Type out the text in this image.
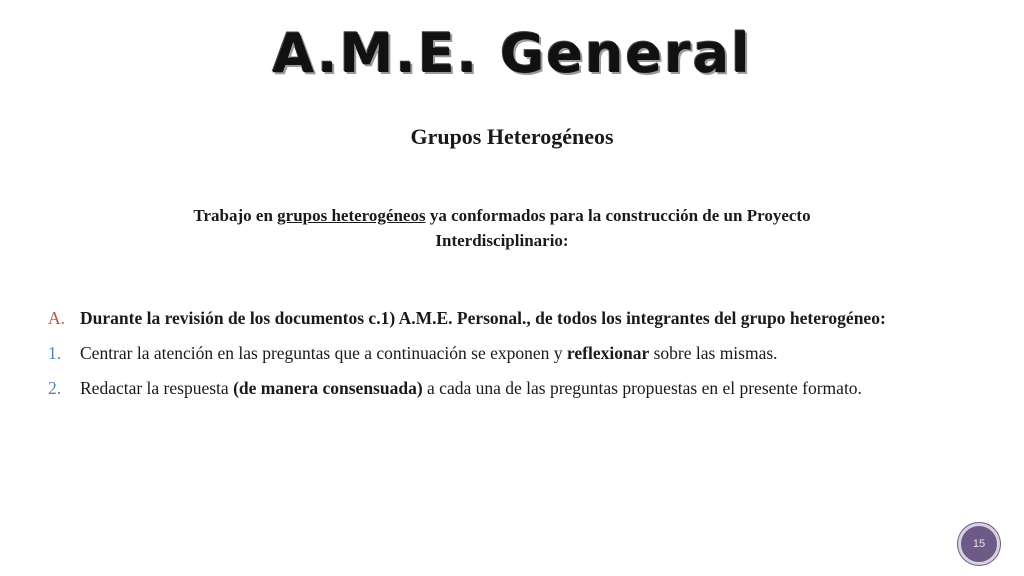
A.M.E. General
Grupos Heterogéneos
Trabajo en grupos heterogéneos ya conformados para la construcción de un Proyecto
Interdisciplinario:
A. Durante la revisión de los documentos c.1) A.M.E. Personal., de todos los integrantes del grupo heterogéneo:
1. Centrar la atención en las preguntas que a continuación se exponen y reflexionar sobre las mismas.
2. Redactar la respuesta (de manera consensuada) a cada una de las preguntas propuestas en el presente formato.
15
